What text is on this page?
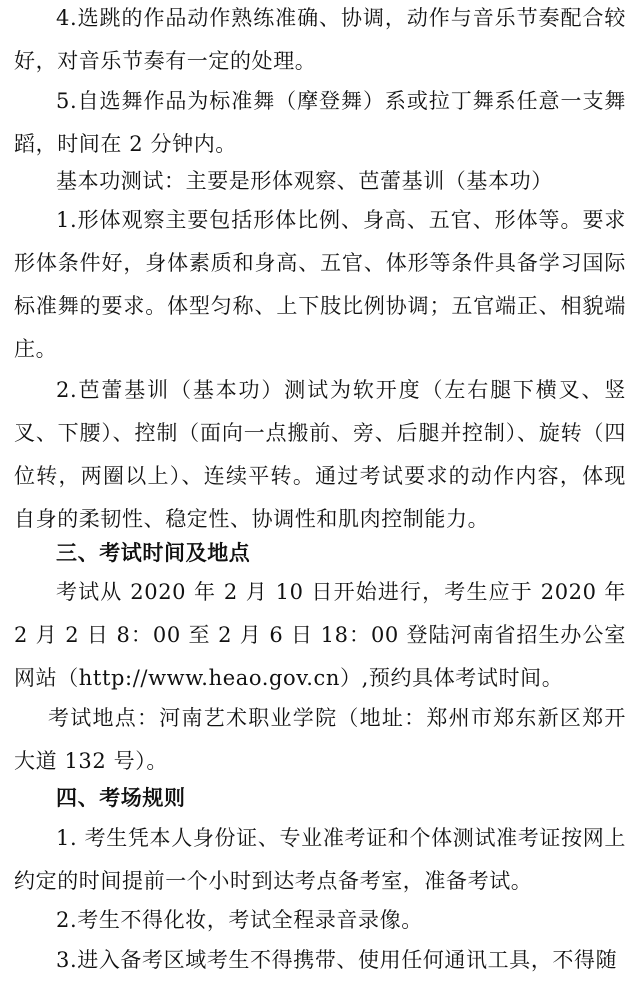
4.选跳的作品动作熟练准确、协调，动作与音乐节奏配合较好，对音乐节奏有一定的处理。

5.自选舞作品为标准舞（摩登舞）系或拉丁舞系任意一支舞蹈，时间在 2 分钟内。

基本功测试：主要是形体观察、芭蕾基训（基本功）

1.形体观察主要包括形体比例、身高、五官、形体等。要求形体条件好，身体素质和身高、五官、体形等条件具备学习国际标准舞的要求。体型匀称、上下肢比例协调；五官端正、相貌端庄。

2.芭蕾基训（基本功）测试为软开度（左右腿下横叉、竖叉、下腰）、控制（面向一点搬前、旁、后腿并控制）、旋转（四位转，两圈以上）、连续平转。通过考试要求的动作内容，体现自身的柔韧性、稳定性、协调性和肌肉控制能力。

三、考试时间及地点

考试从 2020 年 2 月 10 日开始进行，考生应于 2020 年 2 月 2 日 8：00 至 2 月 6 日 18：00 登陆河南省招生办公室网站（http://www.heao.gov.cn）,预约具体考试时间。

考试地点：河南艺术职业学院（地址：郑州市郑东新区郑开大道 132 号）。

四、考场规则

1. 考生凭本人身份证、专业准考证和个体测试准考证按网上约定的时间提前一个小时到达考点备考室，准备考试。

2.考生不得化妆，考试全程录音录像。

3.进入备考区域考生不得携带、使用任何通讯工具，不得随
